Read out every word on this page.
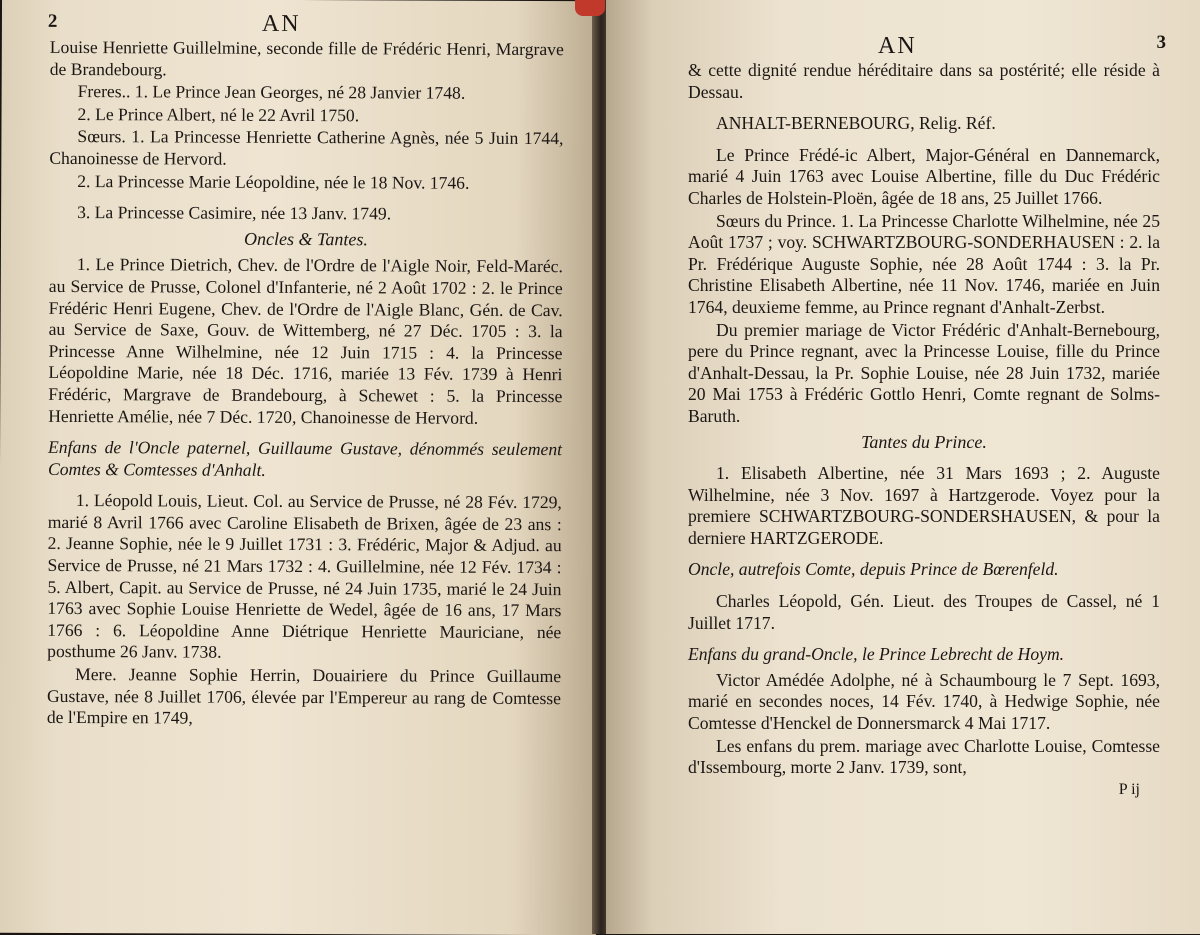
2	AN

Louise Henriette Guillelmine, seconde fille de Frédéric Henri, Margrave de Brandebourg.

Freres.. 1. Le Prince Jean Georges, né 28 Janvier 1748.

2. Le Prince Albert, né le 22 Avril 1750.

Sœurs. 1. La Princesse Henriette Catherine Agnès, née 5 Juin 1744, Chanoinesse de Hervord.

2. La Princesse Marie Léopoldine, née le 18 Nov. 1746.

3. La Princesse Casimire, née 13 Janv. 1749.

Oncles & Tantes.

1. Le Prince Dietrich, Chev. de l'Ordre de l'Aigle Noir, Feld-Maréc. au Service de Prusse, Colonel d'Infanterie, né 2 Août 1702 : 2. le Prince Frédéric Henri Eugene, Chev. de l'Ordre de l'Aigle Blanc, Gén. de Cav. au Service de Saxe, Gouv. de Wittemberg, né 27 Déc. 1705 : 3. la Princesse Anne Wilhelmine, née 12 Juin 1715 : 4. la Princesse Léopoldine Marie, née 18 Déc. 1716, mariée 13 Fév. 1739 à Henri Frédéric, Margrave de Brandebourg, à Schewet : 5. la Princesse Henriette Amélie, née 7 Déc. 1720, Chanoinesse de Hervord.

Enfans de l'Oncle paternel, Guillaume Gustave, dénommés seulement Comtes & Comtesses d'Anhalt.

1. Léopold Louis, Lieut. Col. au Service de Prusse, né 28 Fév. 1729, marié 8 Avril 1766 avec Caroline Elisabeth de Brixen, âgée de 23 ans : 2. Jeanne Sophie, née le 9 Juillet 1731 : 3. Frédéric, Major & Adjud. au Service de Prusse, né 21 Mars 1732 : 4. Guillelmine, née 12 Fév. 1734 : 5. Albert, Capit. au Service de Prusse, né 24 Juin 1735, marié le 24 Juin 1763 avec Sophie Louise Henriette de Wedel, âgée de 16 ans, 17 Mars 1766 : 6. Léopoldine Anne Diétrique Henriette Mauriciane, née posthume 26 Janv. 1738.

Mere. Jeanne Sophie Herrin, Douairiere du Prince Guillaume Gustave, née 8 Juillet 1706, élevée par l'Empereur au rang de Comtesse de l'Empire en 1749,

AN	3

& cette dignité rendue héréditaire dans sa postérité; elle réside à Dessau.

ANHALT-BERNEBOURG, Relig. Réf.

Le Prince Frédé-ic Albert, Major-Général en Dannemarck, marié 4 Juin 1763 avec Louise Albertine, fille du Duc Frédéric Charles de Holstein-Ploën, âgée de 18 ans, 25 Juillet 1766.

Sœurs du Prince. 1. La Princesse Charlotte Wilhelmine, née 25 Août 1737 ; voy. SCHWARTZBOURG-SONDERHAUSEN : 2. la Pr. Frédérique Auguste Sophie, née 28 Août 1744 : 3. la Pr. Christine Elisabeth Albertine, née 11 Nov. 1746, mariée en Juin 1764, deuxieme femme, au Prince regnant d'Anhalt-Zerbst.

Du premier mariage de Victor Frédéric d'Anhalt-Bernebourg, pere du Prince regnant, avec la Princesse Louise, fille du Prince d'Anhalt-Dessau, la Pr. Sophie Louise, née 28 Juin 1732, mariée 20 Mai 1753 à Frédéric Gottlo Henri, Comte regnant de Solms-Baruth.

Tantes du Prince.

1. Elisabeth Albertine, née 31 Mars 1693 ; 2. Auguste Wilhelmine, née 3 Nov. 1697 à Hartzgerode. Voyez pour la premiere SCHWARTZBOURG-SONDERSHAUSEN, & pour la derniere HARTZGERODE.

Oncle, autrefois Comte, depuis Prince de Bœrenfeld.

Charles Léopold, Gén. Lieut. des Troupes de Cassel, né 1 Juillet 1717.

Enfans du grand-Oncle, le Prince Lebrecht de Hoym.

Victor Amédée Adolphe, né à Schaumbourg le 7 Sept. 1693, marié en secondes noces, 14 Fév. 1740, à Hedwige Sophie, née Comtesse d'Henckel de Donnersmarck 4 Mai 1717.

Les enfans du prem. mariage avec Charlotte Louise, Comtesse d'Issembourg, morte 2 Janv. 1739, sont,

P ij
